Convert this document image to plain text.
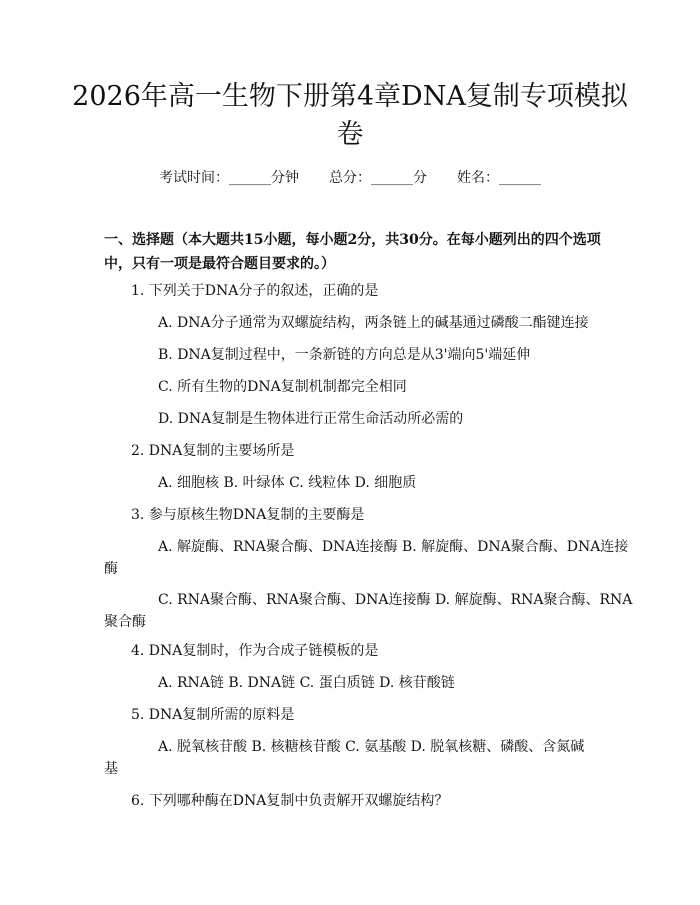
2026年高一生物下册第4章DNA复制专项模拟卷
考试时间：______分钟 总分：______分 姓名：______
一、选择题（本大题共15小题，每小题2分，共30分。在每小题列出的四个选项中，只有一项是最符合题目要求的。）
1. 下列关于DNA分子的叙述，正确的是
A. DNA分子通常为双螺旋结构，两条链上的碱基通过磷酸二酯键连接
B. DNA复制过程中，一条新链的方向总是从3'端向5'端延伸
C. 所有生物的DNA复制机制都完全相同
D. DNA复制是生物体进行正常生命活动所必需的
2. DNA复制的主要场所是
A. 细胞核 B. 叶绿体 C. 线粒体 D. 细胞质
3. 参与原核生物DNA复制的主要酶是
A. 解旋酶、RNA聚合酶、DNA连接酶 B. 解旋酶、DNA聚合酶、DNA连接
酶
C. RNA聚合酶、RNA聚合酶、DNA连接酶 D. 解旋酶、RNA聚合酶、RNA
聚合酶
4. DNA复制时，作为合成子链模板的是
A. RNA链 B. DNA链 C. 蛋白质链 D. 核苷酸链
5. DNA复制所需的原料是
A. 脱氧核苷酸 B. 核糖核苷酸 C. 氨基酸 D. 脱氧核糖、磷酸、含氮碱
基
6. 下列哪种酶在DNA复制中负责解开双螺旋结构？
